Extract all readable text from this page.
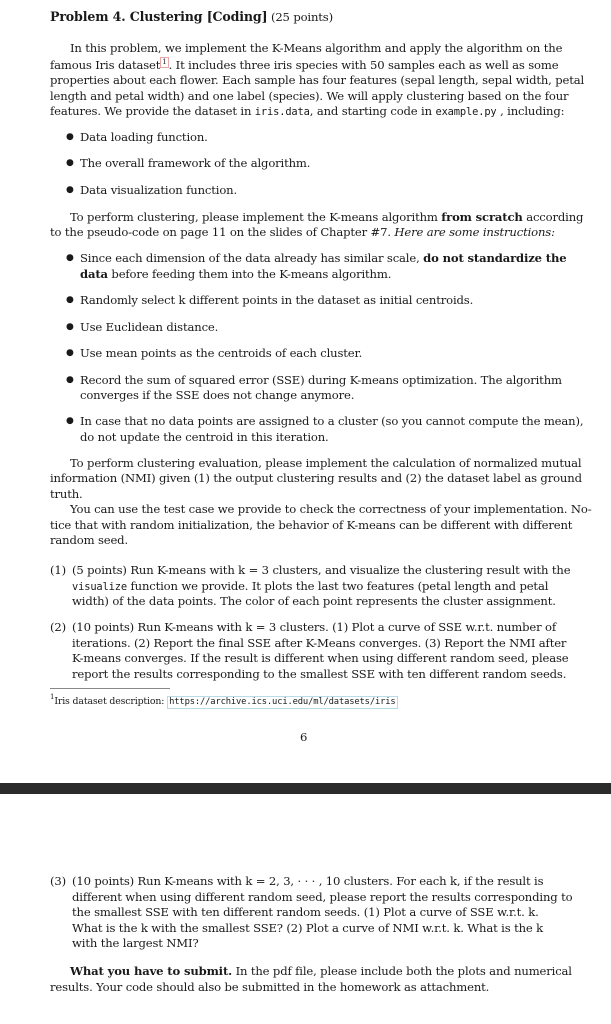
Problem 4. Clustering [Coding] (25 points)
In this problem, we implement the K-Means algorithm and apply the algorithm on the
famous Iris dataset 1 . It includes three iris species with 50 samples each as well as some
properties about each flower. Each sample has four features (sepal length, sepal width, petal
length and petal width) and one label (species). We will apply clustering based on the four
features. We provide the dataset in iris.data, and starting code in example.py , including:
● Data loading function.
● The overall framework of the algorithm.
● Data visualization function.
To perform clustering, please implement the K-means algorithm from scratch according
to the pseudo-code on page 11 on the slides of Chapter #7. Here are some instructions:
● Since each dimension of the data already has similar scale, do not standardize the
data before feeding them into the K-means algorithm.
● Randomly select k different points in the dataset as initial centroids.
● Use Euclidean distance.
● Use mean points as the centroids of each cluster.
● Record the sum of squared error (SSE) during K-means optimization. The algorithm
converges if the SSE does not change anymore.
● In case that no data points are assigned to a cluster (so you cannot compute the mean),
do not update the centroid in this iteration.
To perform clustering evaluation, please implement the calculation of normalized mutual
information (NMI) given (1) the output clustering results and (2) the dataset label as ground
truth.
You can use the test case we provide to check the correctness of your implementation. No-
tice that with random initialization, the behavior of K-means can be different with different
random seed.
(1) (5 points) Run K-means with k = 3 clusters, and visualize the clustering result with the
visualize function we provide. It plots the last two features (petal length and petal
width) of the data points. The color of each point represents the cluster assignment.
(2) (10 points) Run K-means with k = 3 clusters. (1) Plot a curve of SSE w.r.t. number of
iterations. (2) Report the final SSE after K-Means converges. (3) Report the NMI after
K-means converges. If the result is different when using different random seed, please
report the results corresponding to the smallest SSE with ten different random seeds.
$^1$Iris dataset description: https://archive.ics.uci.edu/ml/datasets/iris
6
(3) (10 points) Run K-means with k = 2, 3, · · · , 10 clusters. For each k, if the result is
different when using different random seed, please report the results corresponding to
the smallest SSE with ten different random seeds. (1) Plot a curve of SSE w.r.t. k.
What is the k with the smallest SSE? (2) Plot a curve of NMI w.r.t. k. What is the k
with the largest NMI?
What you have to submit. In the pdf file, please include both the plots and numerical
results. Your code should also be submitted in the homework as attachment.
